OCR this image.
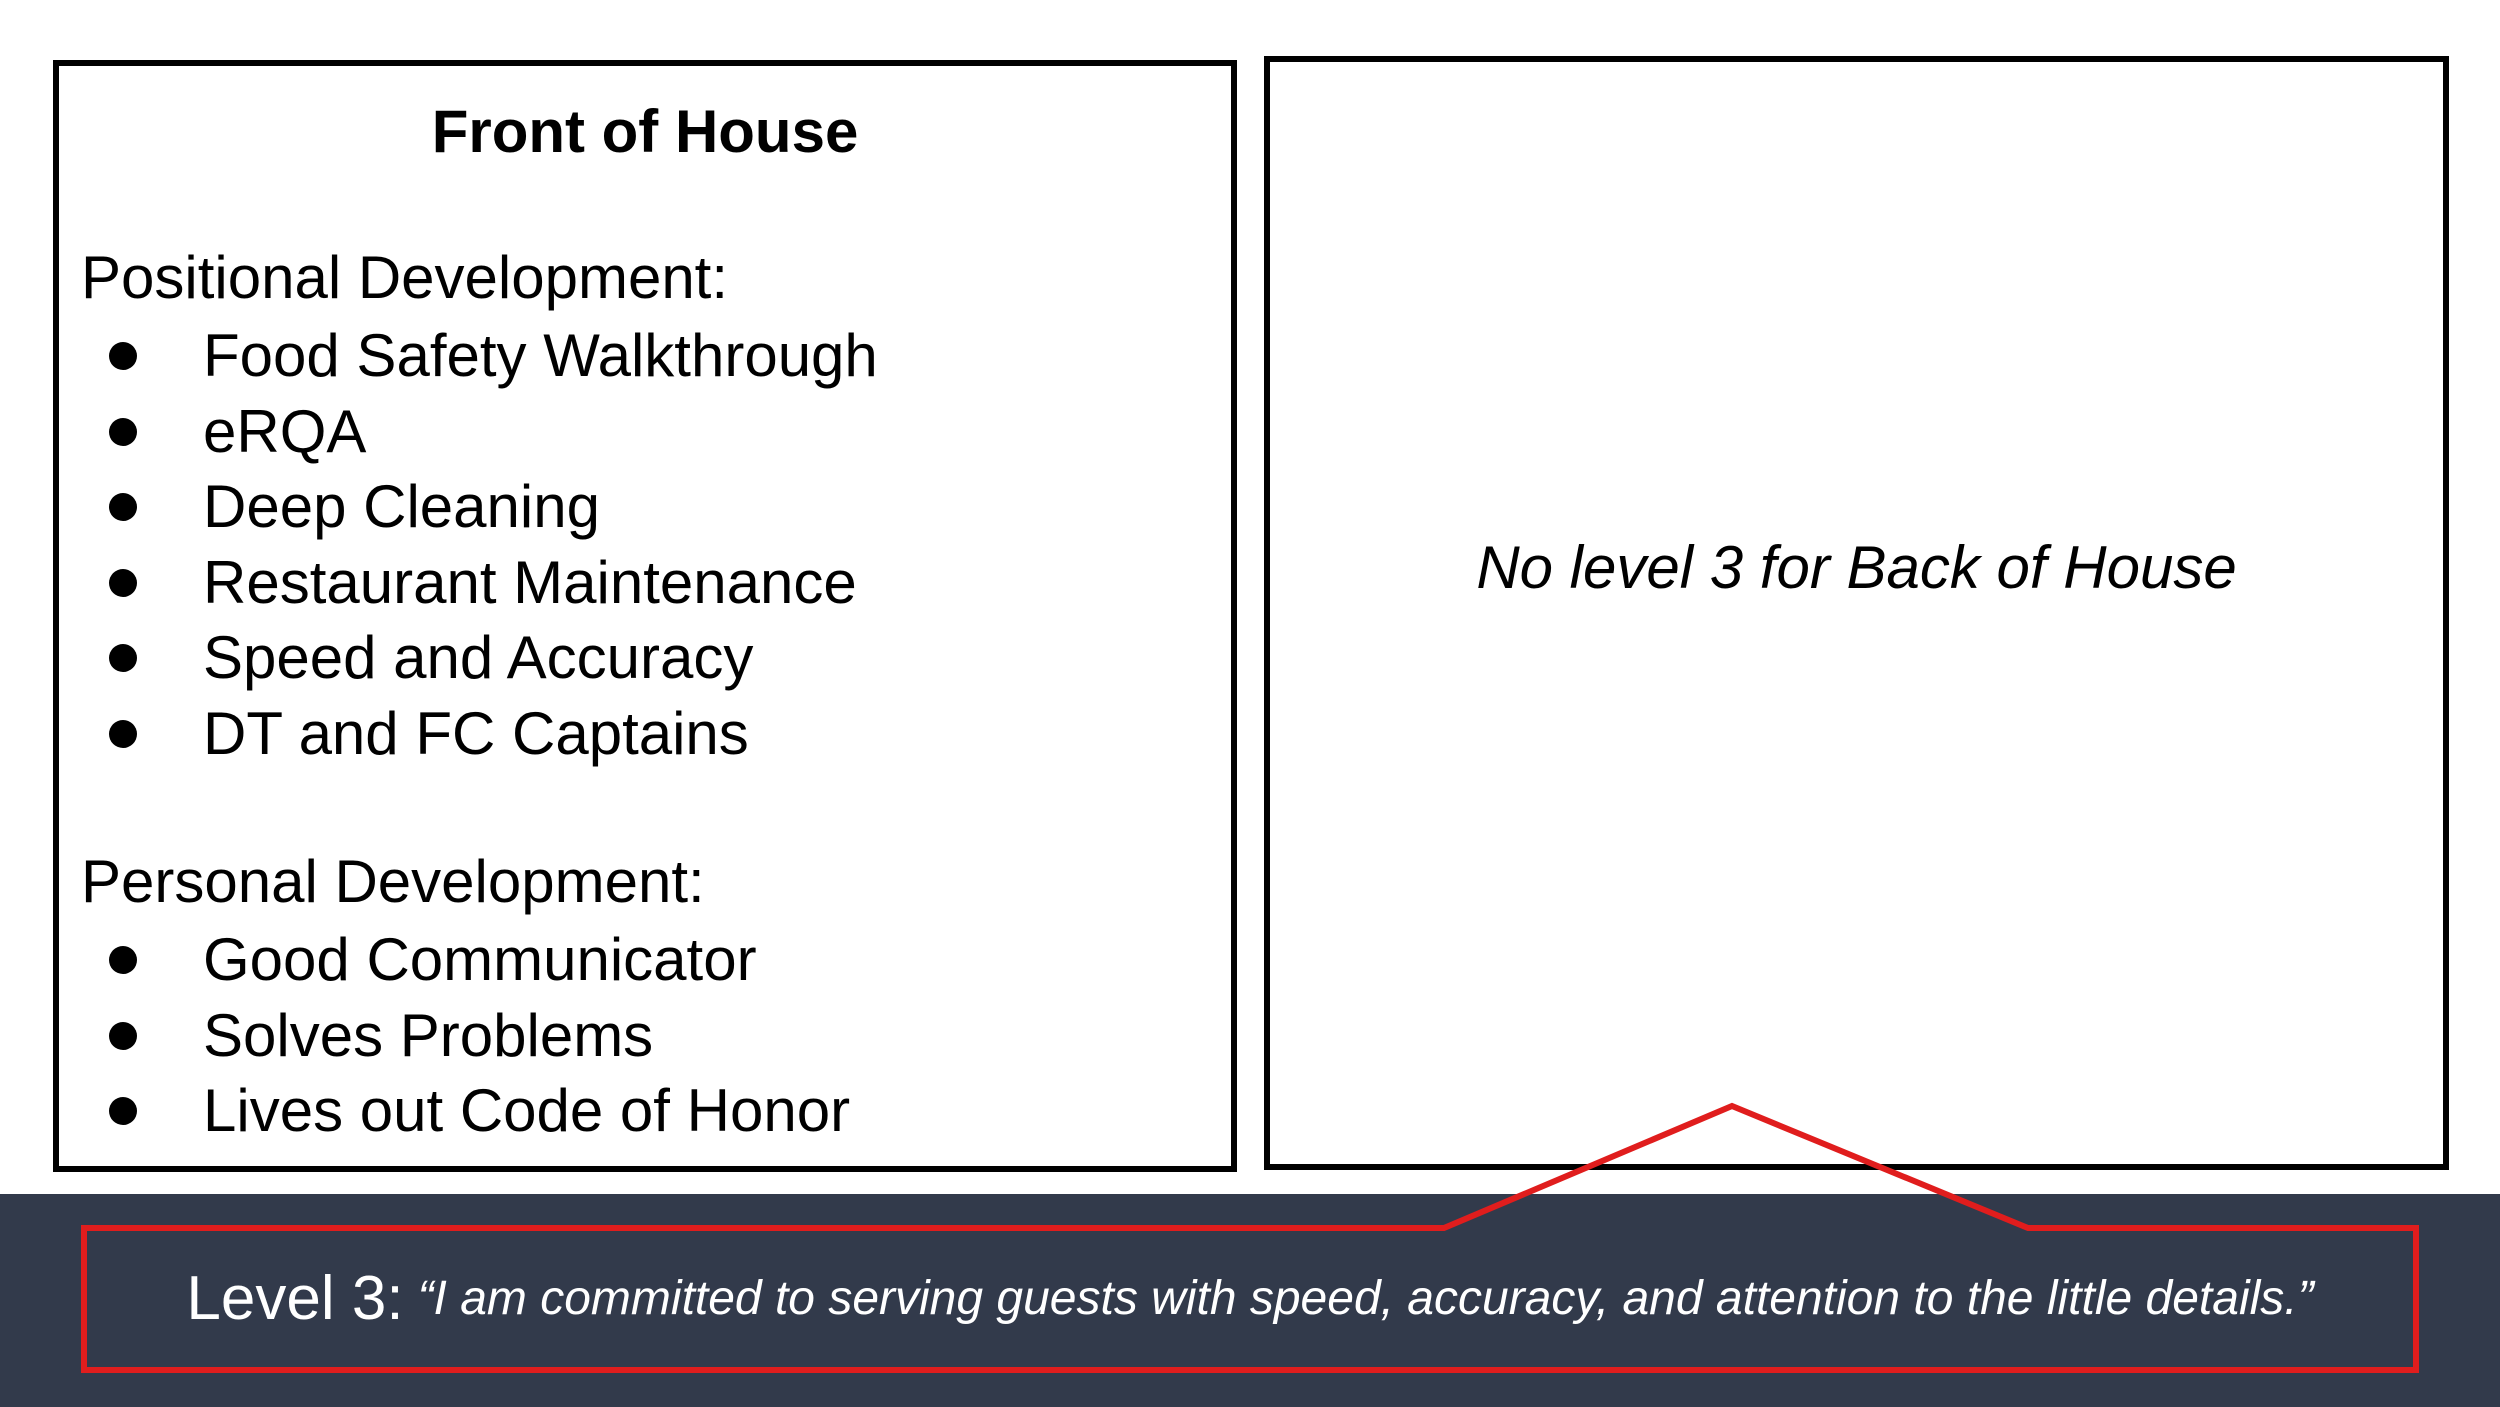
Front of House
Positional Development:
Food Safety Walkthrough
eRQA
Deep Cleaning
Restaurant Maintenance
Speed and Accuracy
DT and FC Captains
Personal Development:
Good Communicator
Solves Problems
Lives out Code of Honor
No level 3 for Back of House
Level 3: “I am committed to serving guests with speed, accuracy, and attention to the little details.”
